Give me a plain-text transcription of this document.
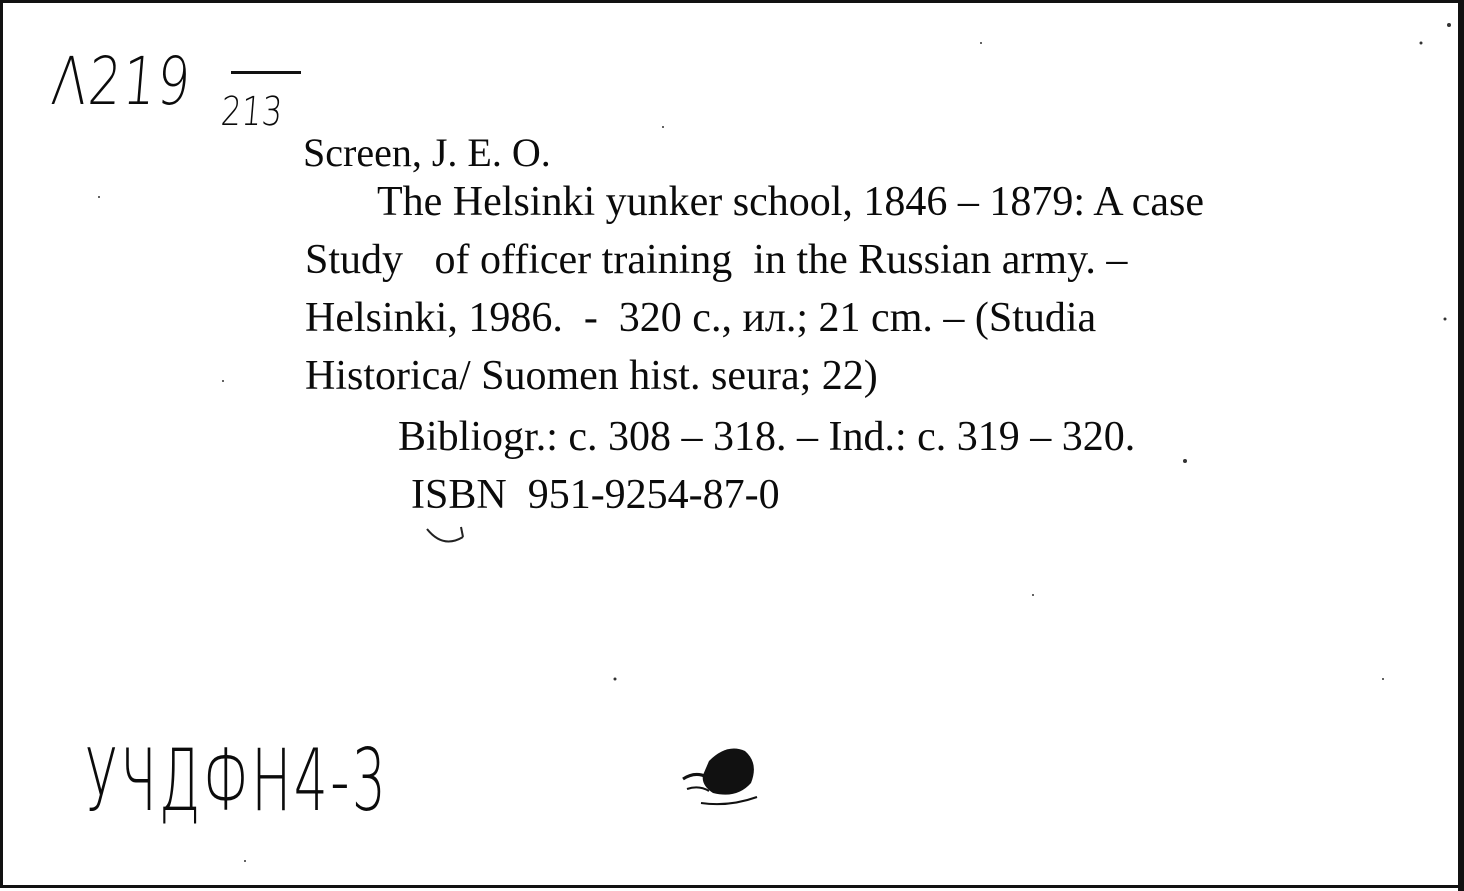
Λ219 213

Screen, J. E. O.

The Helsinki yunker school, 1846 – 1879: A case

Study   of officer training  in the Russian army. –

Helsinki, 1986.  -  320 c., ил.; 21 cm. – (Studia

Historica/ Suomen hist. seura; 22)

Bibliogr.: c. 308 – 318. – Ind.: c. 319 – 320.

ISBN  951-9254-87-0

УЧДФН4-3
